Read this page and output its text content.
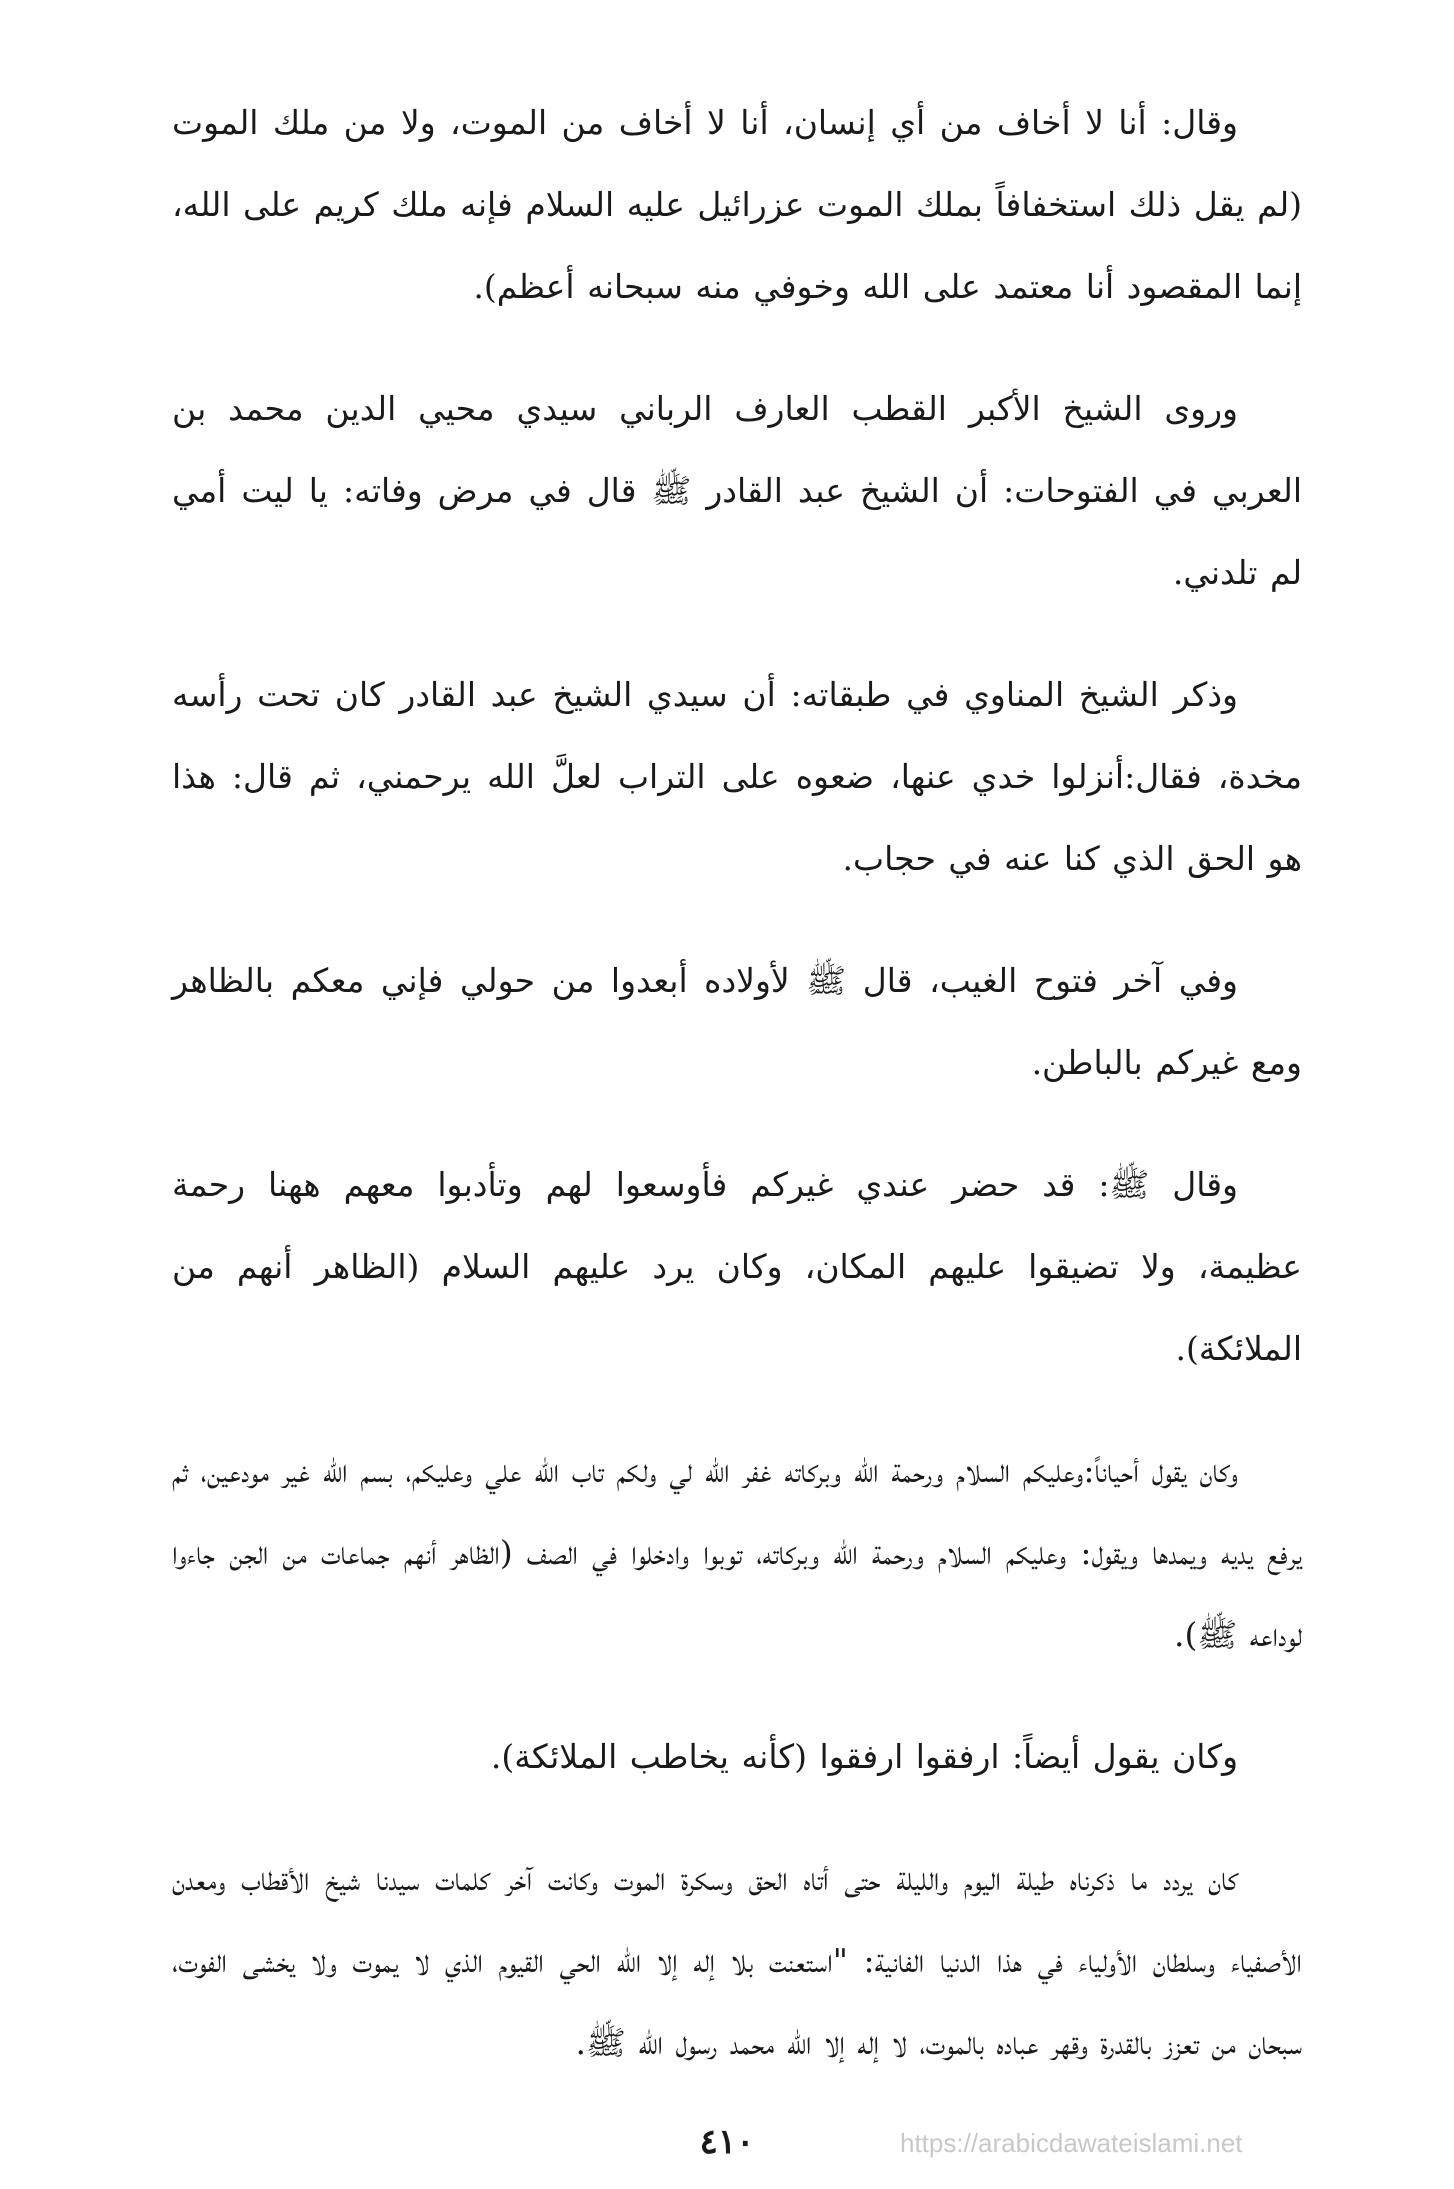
وقال: أنا لا أخاف من أي إنسان، أنا لا أخاف من الموت، ولا من ملك الموت (لم يقل ذلك استخفافاً بملك الموت عزرائيل عليه السلام فإنه ملك كريم على الله، إنما المقصود أنا معتمد على الله وخوفي منه سبحانه أعظم).

وروى الشيخ الأكبر القطب العارف الرباني سيدي محيي الدين محمد بن العربي في الفتوحات: أن الشيخ عبد القادر ﷺ قال في مرض وفاته: يا ليت أمي لم تلدني.

وذكر الشيخ المناوي في طبقاته: أن سيدي الشيخ عبد القادر كان تحت رأسه مخدة، فقال:أنزلوا خدي عنها، ضعوه على التراب لعلَّ الله يرحمني، ثم قال: هذا هو الحق الذي كنا عنه في حجاب.

وفي آخر فتوح الغيب، قال ﷺ لأولاده أبعدوا من حولي فإني معكم بالظاهر ومع غيركم بالباطن.

وقال ﷺ: قد حضر عندي غيركم فأوسعوا لهم وتأدبوا معهم ههنا رحمة عظيمة، ولا تضيقوا عليهم المكان، وكان يرد عليهم السلام (الظاهر أنهم من الملائكة).

وكان يقول أحياناً:وعليكم السلام ورحمة الله وبركاته غفر الله لي ولكم تاب الله علي وعليكم، بسم الله غير مودعين، ثم يرفع يديه ويمدها ويقول: وعليكم السلام ورحمة الله وبركاته، توبوا وادخلوا في الصف (الظاهر أنهم جماعات من الجن جاءوا لوداعه ﷺ).

وكان يقول أيضاً: ارفقوا ارفقوا (كأنه يخاطب الملائكة).

كان يردد ما ذكرناه طيلة اليوم والليلة حتى أتاه الحق وسكرة الموت وكانت آخر كلمات سيدنا شيخ الأقطاب ومعدن الأصفياء وسلطان الأولياء في هذا الدنيا الفانية: "استعنت بلا إله إلا الله الحي القيوم الذي لا يموت ولا يخشى الفوت، سبحان من تعزز بالقدرة وقهر عباده بالموت، لا إله إلا الله محمد رسول الله ﷺ.

٤١٠	https://arabicdawateislami.net
